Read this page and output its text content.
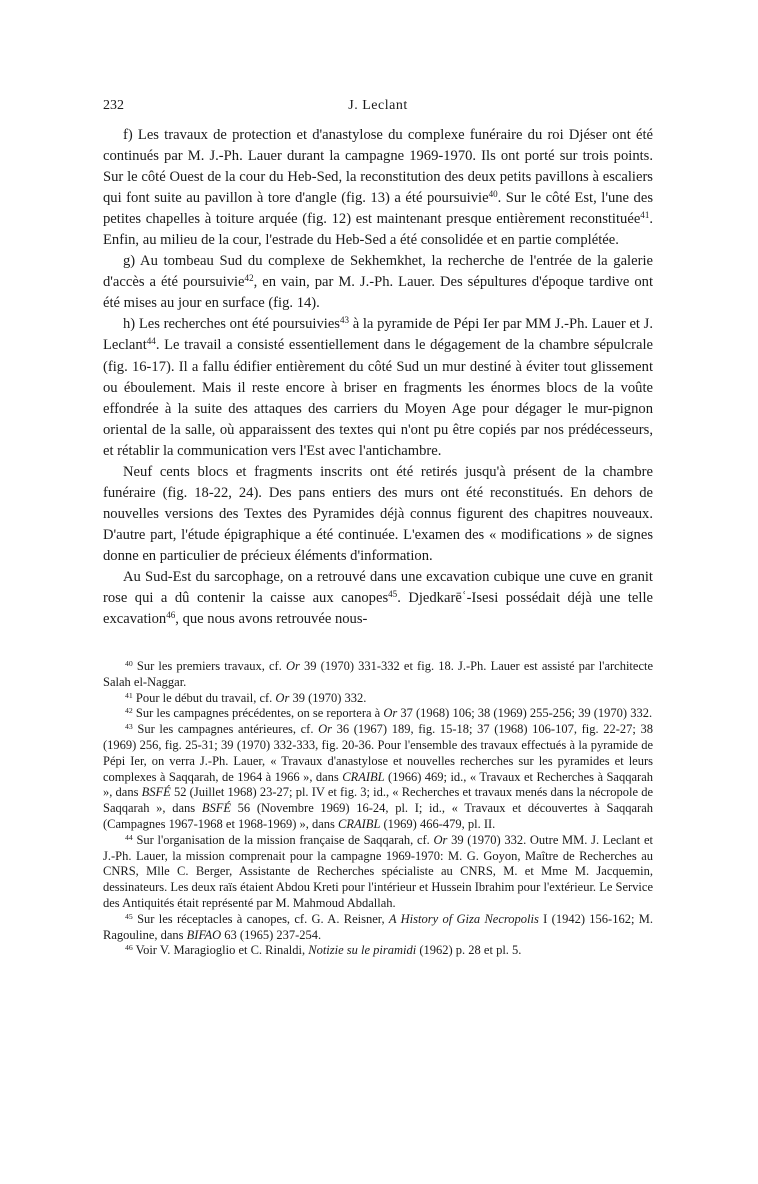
232	J. Leclant

f) Les travaux de protection et d'anastylose du complexe funéraire du roi Djéser ont été continués par M. J.-Ph. Lauer durant la campagne 1969-1970. Ils ont porté sur trois points. Sur le côté Ouest de la cour du Heb-Sed, la reconstitution des deux petits pavillons à escaliers qui font suite au pavillon à tore d'angle (fig. 13) a été poursuivie$^{40}$. Sur le côté Est, l'une des petites chapelles à toiture arquée (fig. 12) est maintenant presque entièrement reconstituée$^{41}$. Enfin, au milieu de la cour, l'estrade du Heb-Sed a été consolidée et en partie complétée.

g) Au tombeau Sud du complexe de Sekhemkhet, la recherche de l'entrée de la galerie d'accès a été poursuivie$^{42}$, en vain, par M. J.-Ph. Lauer. Des sépultures d'époque tardive ont été mises au jour en surface (fig. 14).

h) Les recherches ont été poursuivies$^{43}$ à la pyramide de Pépi Ier par MM J.-Ph. Lauer et J. Leclant$^{44}$. Le travail a consisté essentiellement dans le dégagement de la chambre sépulcrale (fig. 16-17). Il a fallu édifier entièrement du côté Sud un mur destiné à éviter tout glissement ou éboulement. Mais il reste encore à briser en fragments les énormes blocs de la voûte effondrée à la suite des attaques des carriers du Moyen Age pour dégager le mur-pignon oriental de la salle, où apparaissent des textes qui n'ont pu être copiés par nos prédécesseurs, et rétablir la communication vers l'Est avec l'antichambre.

Neuf cents blocs et fragments inscrits ont été retirés jusqu'à présent de la chambre funéraire (fig. 18-22, 24). Des pans entiers des murs ont été reconstitués. En dehors de nouvelles versions des Textes des Pyramides déjà connus figurent des chapitres nouveaux. D'autre part, l'étude épigraphique a été continuée. L'examen des « modifications » de signes donne en particulier de précieux éléments d'information.

Au Sud-Est du sarcophage, on a retrouvé dans une excavation cubique une cuve en granit rose qui a dû contenir la caisse aux canopes$^{45}$. Djedkarēʿ-Isesi possédait déjà une telle excavation$^{46}$, que nous avons retrouvée nous-

$^{40}$ Sur les premiers travaux, cf. Or 39 (1970) 331-332 et fig. 18. J.-Ph. Lauer est assisté par l'architecte Salah el-Naggar.

$^{41}$ Pour le début du travail, cf. Or 39 (1970) 332.

$^{42}$ Sur les campagnes précédentes, on se reportera à Or 37 (1968) 106; 38 (1969) 255-256; 39 (1970) 332.

$^{43}$ Sur les campagnes antérieures, cf. Or 36 (1967) 189, fig. 15-18; 37 (1968) 106-107, fig. 22-27; 38 (1969) 256, fig. 25-31; 39 (1970) 332-333, fig. 20-36. Pour l'ensemble des travaux effectués à la pyramide de Pépi Ier, on verra J.-Ph. Lauer, « Travaux d'anastylose et nouvelles recherches sur les pyramides et leurs complexes à Saqqarah, de 1964 à 1966 », dans CRAIBL (1966) 469; id., « Travaux et Recherches à Saqqarah », dans BSFÉ 52 (Juillet 1968) 23-27; pl. IV et fig. 3; id., « Recherches et travaux menés dans la nécropole de Saqqarah », dans BSFÉ 56 (Novembre 1969) 16-24, pl. I; id., « Travaux et découvertes à Saqqarah (Campagnes 1967-1968 et 1968-1969) », dans CRAIBL (1969) 466-479, pl. II.

$^{44}$ Sur l'organisation de la mission française de Saqqarah, cf. Or 39 (1970) 332. Outre MM. J. Leclant et J.-Ph. Lauer, la mission comprenait pour la campagne 1969-1970: M. G. Goyon, Maître de Recherches au CNRS, Mlle C. Berger, Assistante de Recherches spécialiste au CNRS, M. et Mme M. Jacquemin, dessinateurs. Les deux raïs étaient Abdou Kreti pour l'intérieur et Hussein Ibrahim pour l'extérieur. Le Service des Antiquités était représenté par M. Mahmoud Abdallah.

$^{45}$ Sur les réceptacles à canopes, cf. G. A. Reisner, A History of Giza Necropolis I (1942) 156-162; M. Ragouline, dans BIFAO 63 (1965) 237-254.

$^{46}$ Voir V. Maragioglio et C. Rinaldi, Notizie su le piramidi (1962) p. 28 et pl. 5.
